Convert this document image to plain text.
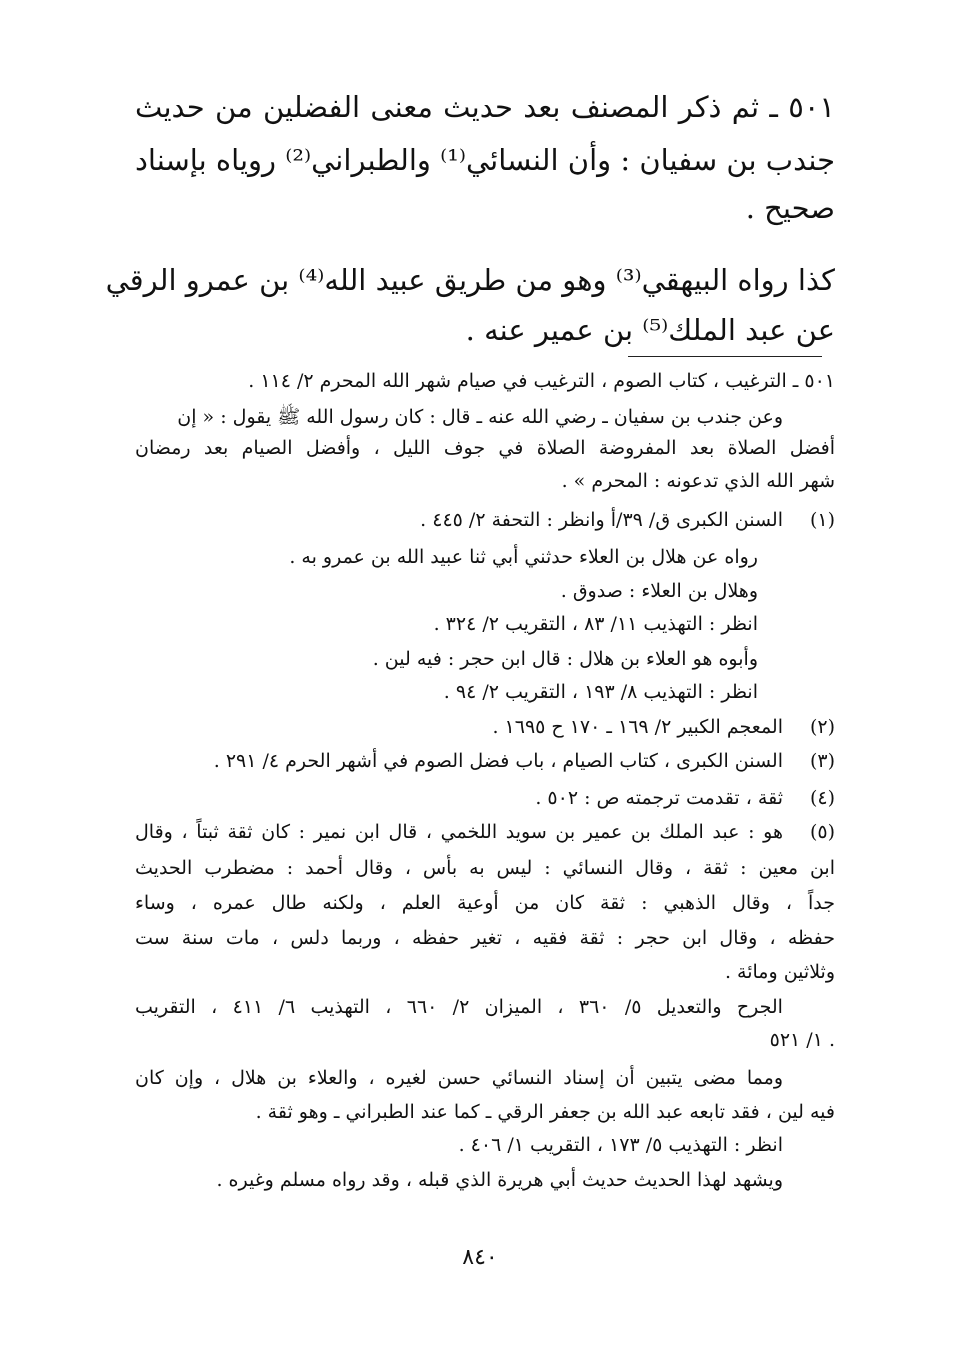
٥٠١ ـ ثم ذكر المصنف بعد حديث معنى الفضلين من حديث
جندب بن سفيان : وأن النسائي⁽¹⁾ والطبراني⁽²⁾ روياه بإسناد
صحيح .
كذا رواه البيهقي⁽³⁾ وهو من طريق عبيد الله⁽⁴⁾ بن عمرو الرقي
عن عبد الملك⁽⁵⁾ بن عمير عنه .
٥٠١ ـ الترغيب ، كتاب الصوم ، الترغيب في صيام شهر الله المحرم ٢/ ١١٤ .
وعن جندب بن سفيان ـ رضي الله عنه ـ قال : كان رسول الله ﷺ يقول : « إن
أفضل الصلاة بعد المفروضة الصلاة في جوف الليل ، وأفضل الصيام بعد رمضان
شهر الله الذي تدعونه : المحرم » .
(١)
السنن الكبرى ق/ ٣٩/أ وانظر : التحفة ٢/ ٤٤٥ .
رواه عن هلال بن العلاء حدثني أبي ثنا عبيد الله بن عمرو به .
وهلال بن العلاء : صدوق .
انظر : التهذيب ١١/ ٨٣ ، التقريب ٢/ ٣٢٤ .
وأبوه هو العلاء بن هلال : قال ابن حجر : فيه لين .
انظر : التهذيب ٨/ ١٩٣ ، التقريب ٢/ ٩٤ .
(٢)
المعجم الكبير ٢/ ١٦٩ ـ ١٧٠ ح ١٦٩٥ .
(٣)
السنن الكبرى ، كتاب الصيام ، باب فضل الصوم في أشهر الحرم ٤/ ٢٩١ .
(٤)
ثقة ، تقدمت ترجمته ص : ٥٠٢ .
(٥)
هو : عبد الملك بن عمير بن سويد اللخمي ، قال ابن نمير : كان ثقة ثبتاً ، وقال
ابن معين : ثقة ، وقال النسائي : ليس به بأس ، وقال أحمد : مضطرب الحديث
جداً ، وقال الذهبي : ثقة كان من أوعية العلم ، ولكنه طال عمره ، وساء
حفظه ، وقال ابن حجر : ثقة فقيه ، تغير حفظه ، وربما دلس ، مات سنة ست
وثلاثين ومائة .
الجرح والتعديل ٥/ ٣٦٠ ، الميزان ٢/ ٦٦٠ ، التهذيب ٦/ ٤١١ ، التقريب
١/ ٥٢١ .
ومما مضى يتبين أن إسناد النسائي حسن لغيره ، والعلاء بن هلال ، وإن كان
فيه لين ، فقد تابعه عبد الله بن جعفر الرقي ـ كما عند الطبراني ـ وهو ثقة .
انظر : التهذيب ٥/ ١٧٣ ، التقريب ١/ ٤٠٦ .
ويشهد لهذا الحديث حديث أبي هريرة الذي قبله ، وقد رواه مسلم وغيره .
٨٤٠
